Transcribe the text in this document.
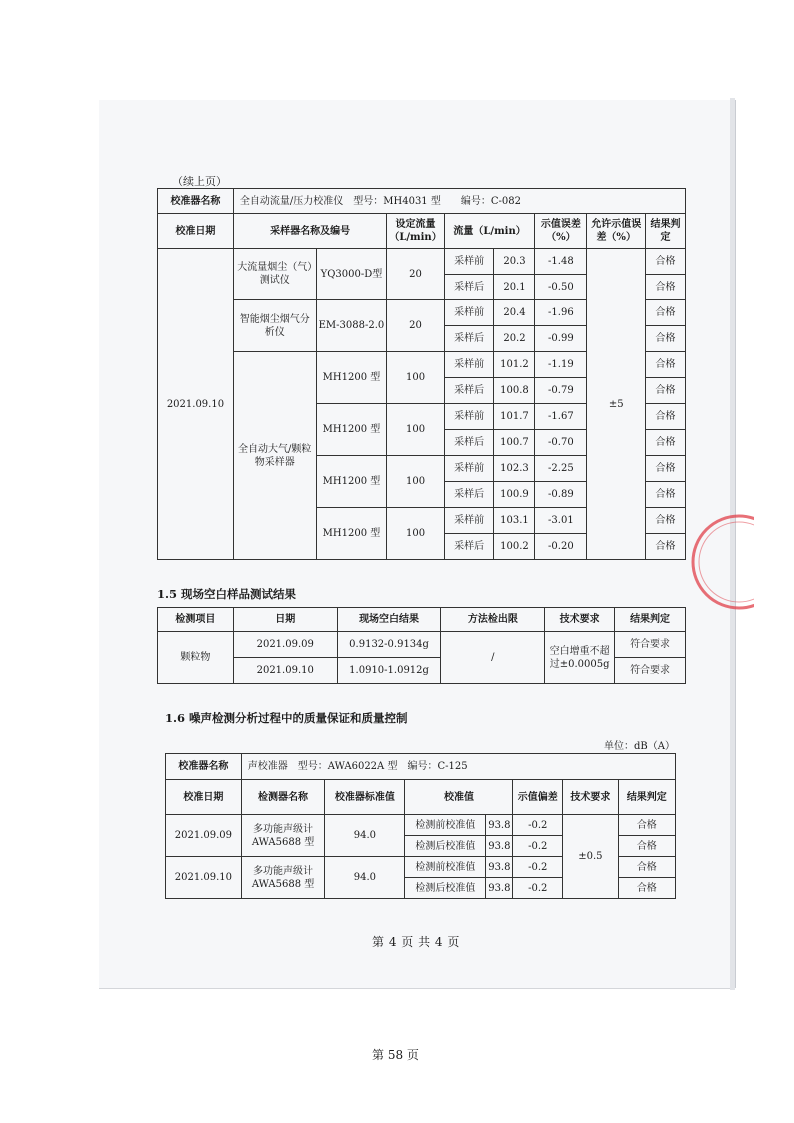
（续上页）
校准器名称	全自动流量/压力校准仪　型号：MH4031 型　　编号：C-082							
校准日期	采样器名称及编号		设定流量（L/min）	流量（L/min）		示值误差（%）	允许示值误差（%）	结果判定
2021.09.10	大流量烟尘（气）测试仪	YQ3000-D型	20	采样前	20.3	-1.48	±5	合格
				采样后	20.1	-0.50		合格
	智能烟尘烟气分析仪	EM-3088-2.0	20	采样前	20.4	-1.96		合格
				采样后	20.2	-0.99		合格
	全自动大气/颗粒物采样器	MH1200 型	100	采样前	101.2	-1.19		合格
				采样后	100.8	-0.79		合格
		MH1200 型	100	采样前	101.7	-1.67		合格
				采样后	100.7	-0.70		合格
		MH1200 型	100	采样前	102.3	-2.25		合格
				采样后	100.9	-0.89		合格
		MH1200 型	100	采样前	103.1	-3.01		合格
				采样后	100.2	-0.20		合格
1.5 现场空白样品测试结果
检测项目	日期	现场空白结果	方法检出限	技术要求	结果判定
颗粒物	2021.09.09	0.9132-0.9134g	/	空白增重不超过±0.0005g	符合要求
	2021.09.10	1.0910-1.0912g			符合要求
1.6 噪声检测分析过程中的质量保证和质量控制
单位：dB（A）
校准器名称	声校准器　型号：AWA6022A 型　编号：C-125						
校准日期	检测器名称	校准器标准值	校准值		示值偏差	技术要求	结果判定
2021.09.09	多功能声级计AWA5688 型	94.0	检测前校准值	93.8	-0.2	±0.5	合格
			检测后校准值	93.8	-0.2		合格
2021.09.10	多功能声级计AWA5688 型	94.0	检测前校准值	93.8	-0.2		合格
			检测后校准值	93.8	-0.2		合格
第 4 页 共 4 页
第 58 页
